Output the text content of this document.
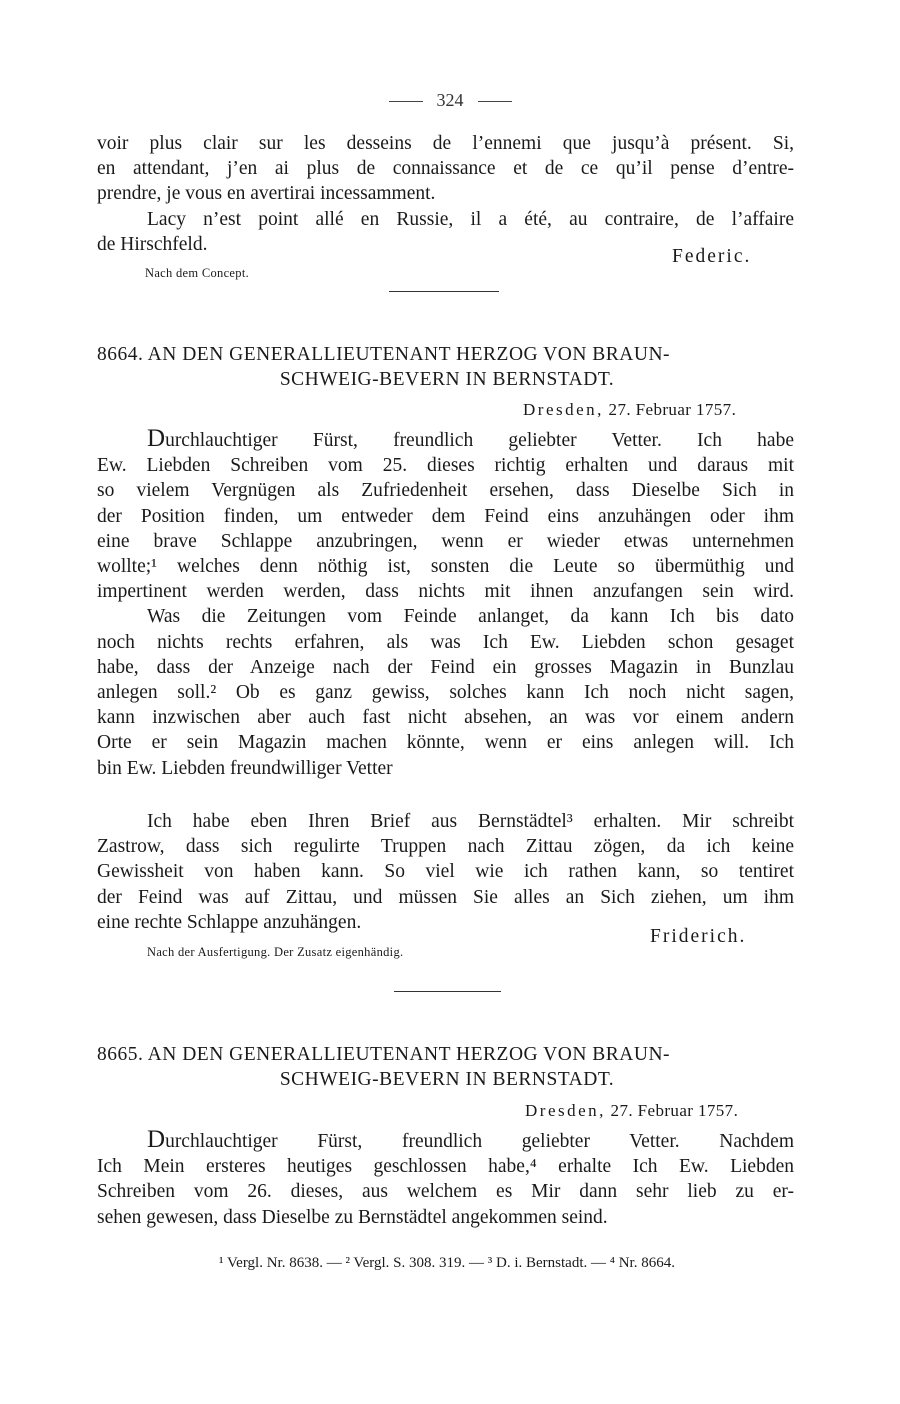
324
voir plus clair sur les desseins de l’ennemi que jusqu’à présent. Si,
en attendant, j’en ai plus de connaissance et de ce qu’il pense d’entre-
prendre, je vous en avertirai incessamment.
Lacy n’est point allé en Russie, il a été, au contraire, de l’affaire
de Hirschfeld.
Federic.
Nach dem Concept.
8664. AN DEN GENERALLIEUTENANT HERZOG VON BRAUN-
SCHWEIG-BEVERN IN BERNSTADT.
Dresden, 27. Februar 1757.
Durchlauchtiger Fürst, freundlich geliebter Vetter. Ich habe
Ew. Liebden Schreiben vom 25. dieses richtig erhalten und daraus mit
so vielem Vergnügen als Zufriedenheit ersehen, dass Dieselbe Sich in
der Position finden, um entweder dem Feind eins anzuhängen oder ihm
eine brave Schlappe anzubringen, wenn er wieder etwas unternehmen
wollte;¹ welches denn nöthig ist, sonsten die Leute so übermüthig und
impertinent werden werden, dass nichts mit ihnen anzufangen sein wird.
Was die Zeitungen vom Feinde anlanget, da kann Ich bis dato
noch nichts rechts erfahren, als was Ich Ew. Liebden schon gesaget
habe, dass der Anzeige nach der Feind ein grosses Magazin in Bunzlau
anlegen soll.² Ob es ganz gewiss, solches kann Ich noch nicht sagen,
kann inzwischen aber auch fast nicht absehen, an was vor einem andern
Orte er sein Magazin machen könnte, wenn er eins anlegen will. Ich
bin Ew. Liebden freundwilliger Vetter
Ich habe eben Ihren Brief aus Bernstädtel³ erhalten. Mir schreibt
Zastrow, dass sich regulirte Truppen nach Zittau zögen, da ich keine
Gewissheit von haben kann. So viel wie ich rathen kann, so tentiret
der Feind was auf Zittau, und müssen Sie alles an Sich ziehen, um ihm
eine rechte Schlappe anzuhängen.
Friderich.
Nach der Ausfertigung. Der Zusatz eigenhändig.
8665. AN DEN GENERALLIEUTENANT HERZOG VON BRAUN-
SCHWEIG-BEVERN IN BERNSTADT.
Dresden, 27. Februar 1757.
Durchlauchtiger Fürst, freundlich geliebter Vetter. Nachdem
Ich Mein ersteres heutiges geschlossen habe,⁴ erhalte Ich Ew. Liebden
Schreiben vom 26. dieses, aus welchem es Mir dann sehr lieb zu er-
sehen gewesen, dass Dieselbe zu Bernstädtel angekommen seind.
¹ Vergl. Nr. 8638. — ² Vergl. S. 308. 319. — ³ D. i. Bernstadt. — ⁴ Nr. 8664.
